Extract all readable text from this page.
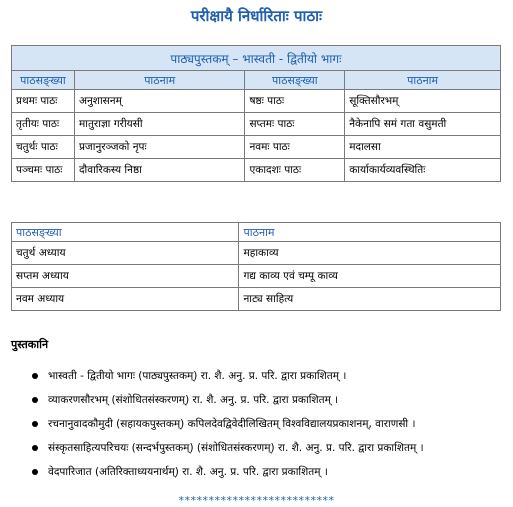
परीक्षायै निर्धारिताः पाठाः
पाठ्यपुस्तकम् – भास्वती - द्वितीयो भागः			
पाठसङ्ख्या	पाठनाम	पाठसङ्ख्या	पाठनाम
प्रथमः पाठः	अनुशासनम्	षष्ठः पाठः	सूक्तिसौरभम्
तृतीयः पाठः	मातुराज्ञा गरीयसी	सप्तमः पाठः	नैकेनापि समं गता वसुमती
चतुर्थः पाठः	प्रजानुरञ्जको नृपः	नवमः पाठः	मदालसा
पञ्चमः पाठः	दौवारिकस्य निष्ठा	एकादशः पाठः	कार्याकार्यव्यवस्थितिः
पाठसङ्ख्या	पाठनाम
चतुर्थ अध्याय	महाकाव्य
सप्तम अध्याय	गद्य काव्य एवं चम्पू काव्य
नवम अध्याय	नाट्य साहित्य
पुस्तकानि
भास्वती - द्वितीयो भागः (पाठ्यपुस्तकम्) रा. शै. अनु. प्र. परि. द्वारा प्रकाशितम् ।
व्याकरणसौरभम् (संशोधितसंस्करणम्) रा. शै. अनु. प्र. परि. द्वारा प्रकाशितम् ।
रचनानुवादकौमुदी (सहायकपुस्तकम्) कपिलदेवद्विवेदीलिखितम् विश्वविद्यालयप्रकाशनम्, वाराणसी ।
संस्कृतसाहित्यपरिचयः (सन्दर्भपुस्तकम्) (संशोधितसंस्करणम्) रा. शै. अनु. प्र. परि. द्वारा प्रकाशितम् ।
वेदपारिजात (अतिरिक्ताध्ययनार्थम्) रा. शै. अनु. प्र. परि. द्वारा प्रकाशितम् ।
**************************
